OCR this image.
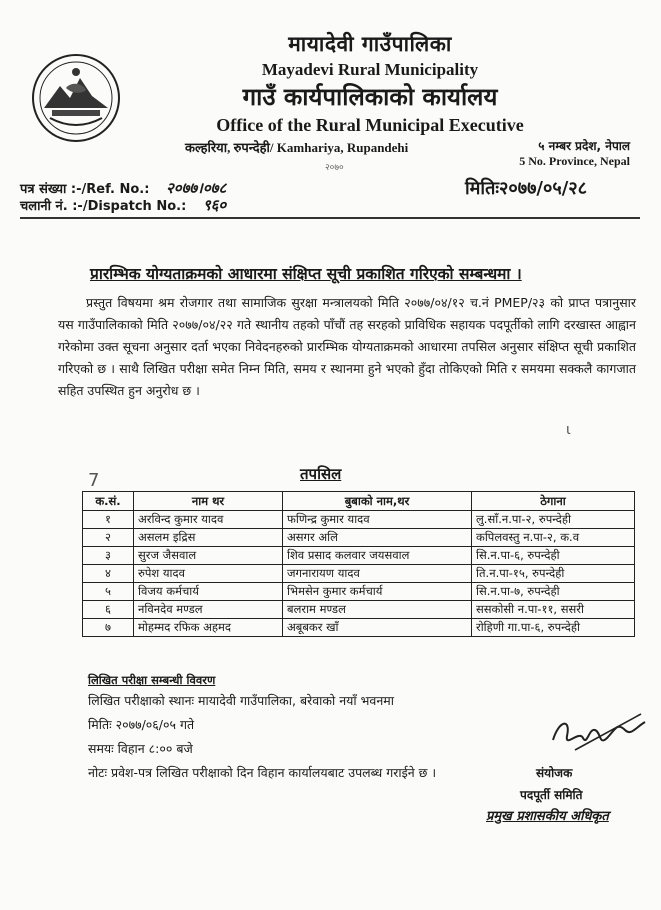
मायादेवी गाउँपालिका
Mayadevi Rural Municipality
गाउँ कार्यपालिकाको कार्यालय
Office of the Rural Municipal Executive
कल्हरिया, रुपन्देही/ Kamhariya, Rupandehi
२०७०
५ नम्बर प्रदेश, नेपाल
5 No. Province, Nepal
पत्र संख्या :-/Ref. No.: २०७७।०७८
चलानी नं. :-/Dispatch No.: ९६०
मितिः२०७७/०५/२८
प्रारम्भिक योग्यताक्रमको आधारमा संक्षिप्त सूची प्रकाशित गरिएको सम्बन्धमा ।
प्रस्तुत विषयमा श्रम रोजगार तथा सामाजिक सुरक्षा मन्त्रालयको मिति २०७७/०४/१२ च.नं PMEP/२३ को प्राप्त पत्रानुसार यस गाउँपालिकाको मिति २०७७/०४/२२ गते स्थानीय तहको पाँचौं तह सरहको प्राविधिक सहायक पदपूर्तीको लागि दरखास्त आह्वान गरेकोमा उक्त सूचना अनुसार दर्ता भएका निवेदनहरुको प्रारम्भिक योग्यताक्रमको आधारमा तपसिल अनुसार संक्षिप्त सूची प्रकाशित गरिएको छ । साथै लिखित परीक्षा समेत निम्न मिति, समय र स्थानमा हुने भएको हुँदा तोकिएको मिति र समयमा सक्कलै कागजात सहित उपस्थित हुन अनुरोध छ ।
ɩ
7	तपसिल
क.सं.	नाम थर	बुबाको नाम,थर	ठेगाना
१	अरविन्द कुमार यादव	फणिन्द्र कुमार यादव	लु.साँ.न.पा-२, रुपन्देही
२	असलम इद्रिस	असगर अलि	कपिलवस्तु न.पा-२, क.व
३	सुरज जैसवाल	शिव प्रसाद कलवार जयसवाल	सि.न.पा-६, रुपन्देही
४	रुपेश यादव	जगनारायण यादव	ति.न.पा-१५, रुपन्देही
५	विजय कर्मचार्य	भिमसेन कुमार कर्मचार्य	सि.न.पा-७, रुपन्देही
६	नविनदेव मण्डल	बलराम मण्डल	ससकोसी न.पा-११, ससरी
७	मोहम्मद रफिक अहमद	अबूबकर खाँ	रोहिणी गा.पा-६, रुपन्देही
लिखित परीक्षा सम्बन्धी विवरण
लिखित परीक्षाको स्थानः मायादेवी गाउँपालिका, बरेवाको नयाँ भवनमा
मितिः २०७७/०६/०५ गते
समयः विहान ८:०० बजे
नोटः प्रवेश-पत्र लिखित परीक्षाको दिन विहान कार्यालयबाट उपलब्ध गराईने छ ।	संयोजक
पदपूर्ती समिति
प्रमुख प्रशासकीय अधिकृत
